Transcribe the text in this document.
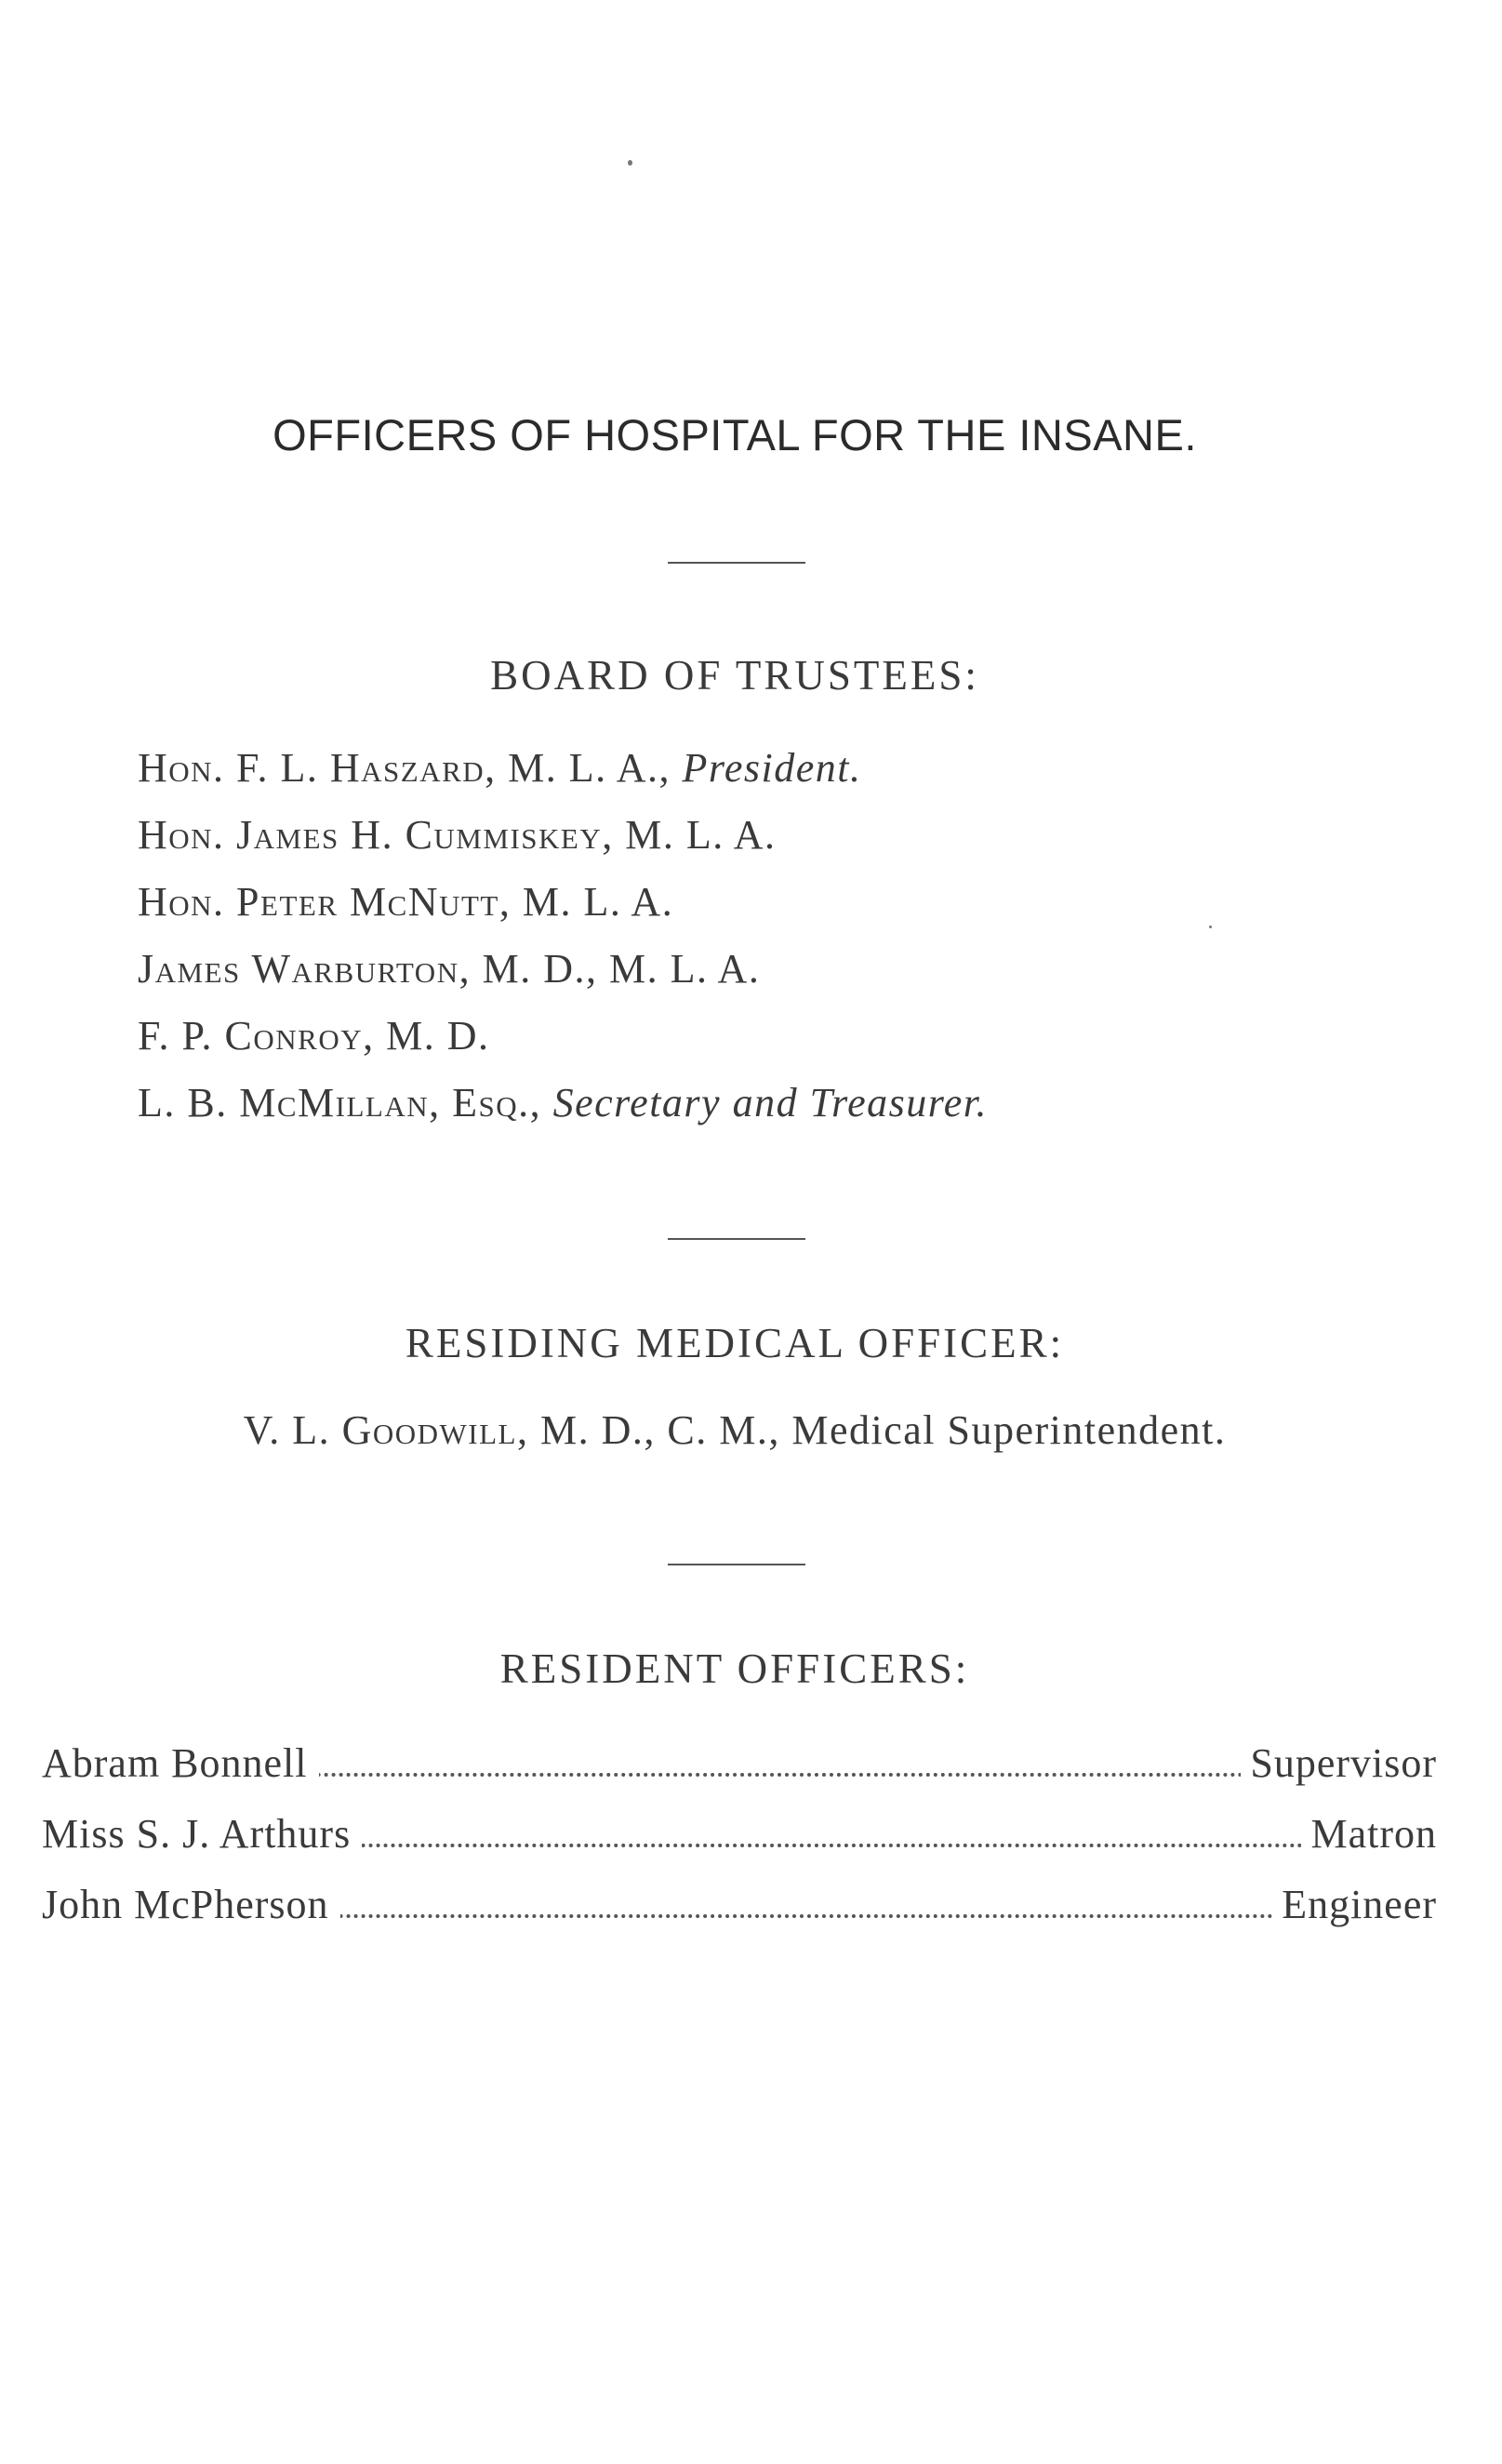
OFFICERS OF HOSPITAL FOR THE INSANE.
BOARD OF TRUSTEES:
Hon. F. L. Haszard, M. L. A., President.
Hon. James H. Cummiskey, M. L. A.
Hon. Peter McNutt, M. L. A.
James Warburton, M. D., M. L. A.
F. P. Conroy, M. D.
L. B. McMillan, Esq., Secretary and Treasurer.
RESIDING MEDICAL OFFICER:
V. L. Goodwill, M. D., C. M., Medical Superintendent.
RESIDENT OFFICERS:
Abram Bonnell	Supervisor
Miss S. J. Arthurs	Matron
John McPherson	Engineer
